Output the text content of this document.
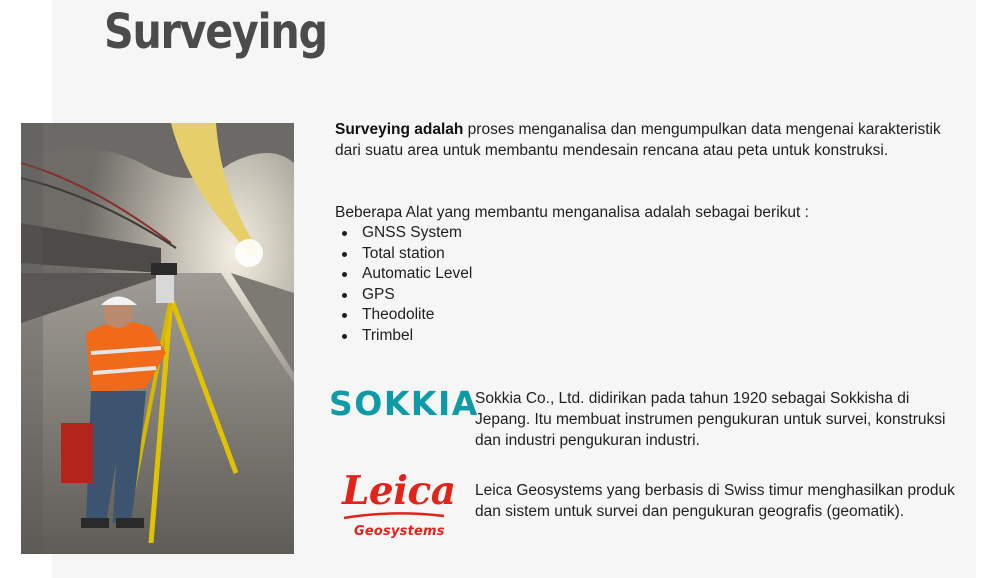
Surveying
Surveying adalah proses menganalisa dan mengumpulkan data mengenai karakteristik dari suatu area untuk membantu mendesain rencana atau peta untuk konstruksi.
Beberapa Alat yang membantu menganalisa adalah sebagai berikut :
GNSS System
Total station
Automatic Level
GPS
Theodolite
Trimbel
SOKKIA
Sokkia Co., Ltd. didirikan pada tahun 1920 sebagai Sokkisha di Jepang. Itu membuat instrumen pengukuran untuk survei, konstruksi dan industri pengukuran industri.
Leica
Geosystems
Leica Geosystems yang berbasis di Swiss timur menghasilkan produk dan sistem untuk survei dan pengukuran geografis (geomatik).
